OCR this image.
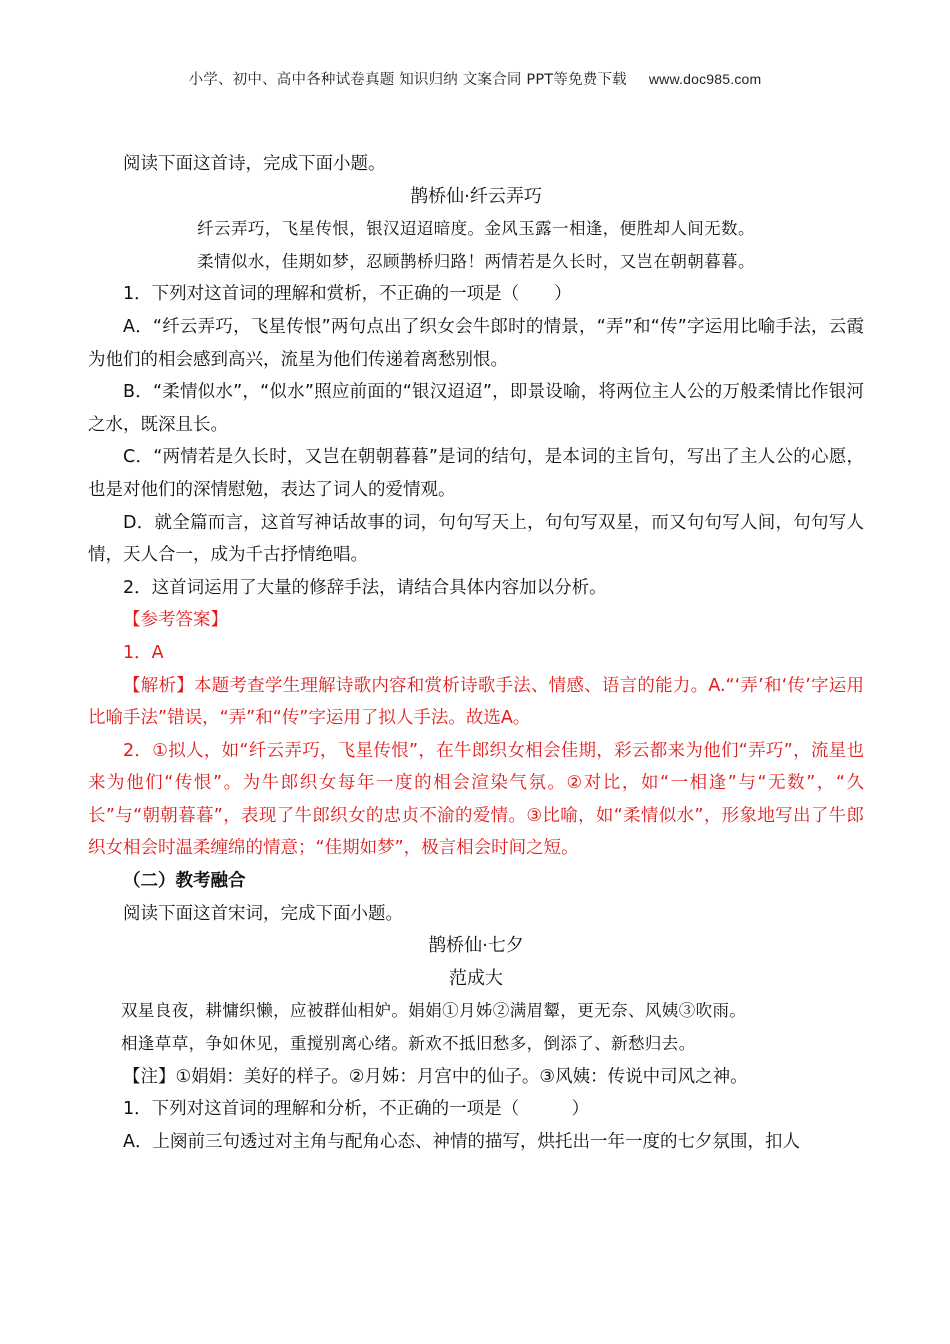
小学、初中、高中各种试卷真题 知识归纳 文案合同 PPT等免费下载 www.doc985.com

阅读下面这首诗，完成下面小题。

鹊桥仙·纤云弄巧

纤云弄巧，飞星传恨，银汉迢迢暗度。金风玉露一相逢，便胜却人间无数。

柔情似水，佳期如梦，忍顾鹊桥归路！两情若是久长时，又岂在朝朝暮暮。

1．下列对这首词的理解和赏析，不正确的一项是（　　）

A．“纤云弄巧，飞星传恨”两句点出了织女会牛郎时的情景，“弄”和“传”字运用比喻手法，云霞为他们的相会感到高兴，流星为他们传递着离愁别恨。

B．“柔情似水”，“似水”照应前面的“银汉迢迢”，即景设喻，将两位主人公的万般柔情比作银河之水，既深且长。

C．“两情若是久长时，又岂在朝朝暮暮”是词的结句，是本词的主旨句，写出了主人公的心愿，也是对他们的深情慰勉，表达了词人的爱情观。

D．就全篇而言，这首写神话故事的词，句句写天上，句句写双星，而又句句写人间，句句写人情，天人合一，成为千古抒情绝唱。

2．这首词运用了大量的修辞手法，请结合具体内容加以分析。

【参考答案】

1．A

【解析】本题考查学生理解诗歌内容和赏析诗歌手法、情感、语言的能力。A.“‘弄’和‘传’字运用比喻手法”错误，“弄”和“传”字运用了拟人手法。故选A。

2．①拟人，如“纤云弄巧，飞星传恨”，在牛郎织女相会佳期，彩云都来为他们“弄巧”，流星也来为他们“传恨”。为牛郎织女每年一度的相会渲染气氛。②对比，如“一相逢”与“无数”，“久长”与“朝朝暮暮”，表现了牛郎织女的忠贞不渝的爱情。③比喻，如“柔情似水”，形象地写出了牛郎织女相会时温柔缠绵的情意；“佳期如梦”，极言相会时间之短。

（二）教考融合

阅读下面这首宋词，完成下面小题。

鹊桥仙·七夕

范成大

双星良夜，耕慵织懒，应被群仙相妒。娟娟①月姊②满眉颦，更无奈、风姨③吹雨。

相逢草草，争如休见，重搅别离心绪。新欢不抵旧愁多，倒添了、新愁归去。

【注】①娟娟：美好的样子。②月姊：月宫中的仙子。③风姨：传说中司风之神。

1．下列对这首词的理解和分析，不正确的一项是（　　　）

A．上阕前三句透过对主角与配角心态、神情的描写，烘托出一年一度的七夕氛围，扣人
